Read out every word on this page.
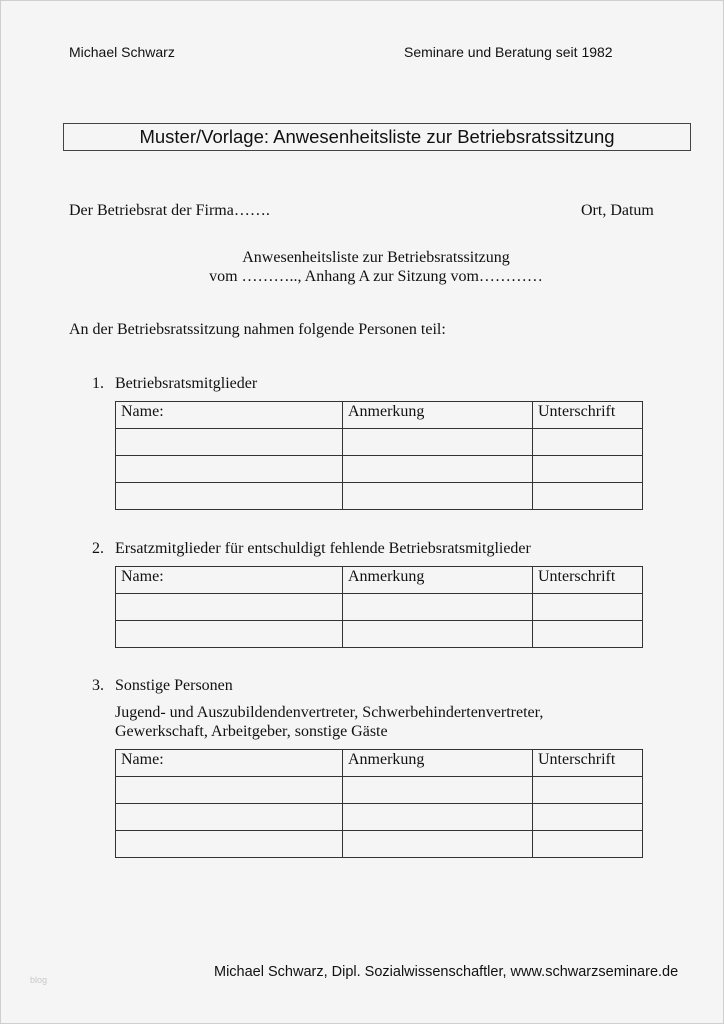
Michael Schwarz	Seminare und Beratung seit 1982
Muster/Vorlage: Anwesenheitsliste zur Betriebsratssitzung
Der Betriebsrat der Firma…….	Ort, Datum
Anwesenheitsliste zur Betriebsratssitzung
vom ……….., Anhang A zur Sitzung vom…………
An der Betriebsratssitzung nahmen folgende Personen teil:
1. Betriebsratsmitglieder
Name:	Anmerkung	Unterschrift

2. Ersatzmitglieder für entschuldigt fehlende Betriebsratsmitglieder
Name:	Anmerkung	Unterschrift

3. Sonstige Personen
Jugend- und Auszubildendenvertreter, Schwerbehindertenvertreter,
Gewerkschaft, Arbeitgeber, sonstige Gäste
Name:	Anmerkung	Unterschrift

blog	Michael Schwarz, Dipl. Sozialwissenschaftler, www.schwarzseminare.de
